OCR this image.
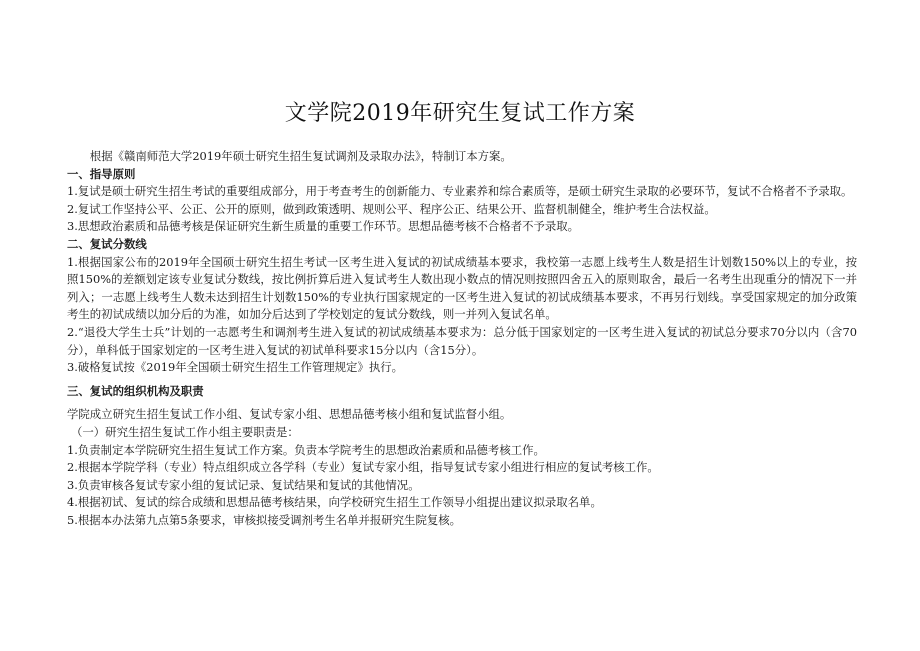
文学院2019年研究生复试工作方案

根据《赣南师范大学2019年硕士研究生招生复试调剂及录取办法》，特制订本方案。

一、指导原则

1.复试是硕士研究生招生考试的重要组成部分，用于考查考生的创新能力、专业素养和综合素质等，是硕士研究生录取的必要环节，复试不合格者不予录取。

2.复试工作坚持公平、公正、公开的原则，做到政策透明、规则公平、程序公正、结果公开、监督机制健全，维护考生合法权益。

3.思想政治素质和品德考核是保证研究生新生质量的重要工作环节。思想品德考核不合格者不予录取。

二、复试分数线

1.根据国家公布的2019年全国硕士研究生招生考试一区考生进入复试的初试成绩基本要求，我校第一志愿上线考生人数是招生计划数150%以上的专业，按照150%的差额划定该专业复试分数线，按比例折算后进入复试考生人数出现小数点的情况则按照四舍五入的原则取舍，最后一名考生出现重分的情况下一并列入；一志愿上线考生人数未达到招生计划数150%的专业执行国家规定的一区考生进入复试的初试成绩基本要求，不再另行划线。享受国家规定的加分政策考生的初试成绩以加分后的为准，如加分后达到了学校划定的复试分数线，则一并列入复试名单。

2.“退役大学生士兵”计划的一志愿考生和调剂考生进入复试的初试成绩基本要求为：总分低于国家划定的一区考生进入复试的初试总分要求70分以内（含70分），单科低于国家划定的一区考生进入复试的初试单科要求15分以内（含15分）。

3.破格复试按《2019年全国硕士研究生招生工作管理规定》执行。

三、复试的组织机构及职责

学院成立研究生招生复试工作小组、复试专家小组、思想品德考核小组和复试监督小组。

（一）研究生招生复试工作小组主要职责是：

1.负责制定本学院研究生招生复试工作方案。负责本学院考生的思想政治素质和品德考核工作。

2.根据本学院学科（专业）特点组织成立各学科（专业）复试专家小组，指导复试专家小组进行相应的复试考核工作。

3.负责审核各复试专家小组的复试记录、复试结果和复试的其他情况。

4.根据初试、复试的综合成绩和思想品德考核结果，向学校研究生招生工作领导小组提出建议拟录取名单。

5.根据本办法第九点第5条要求，审核拟接受调剂考生名单并报研究生院复核。
